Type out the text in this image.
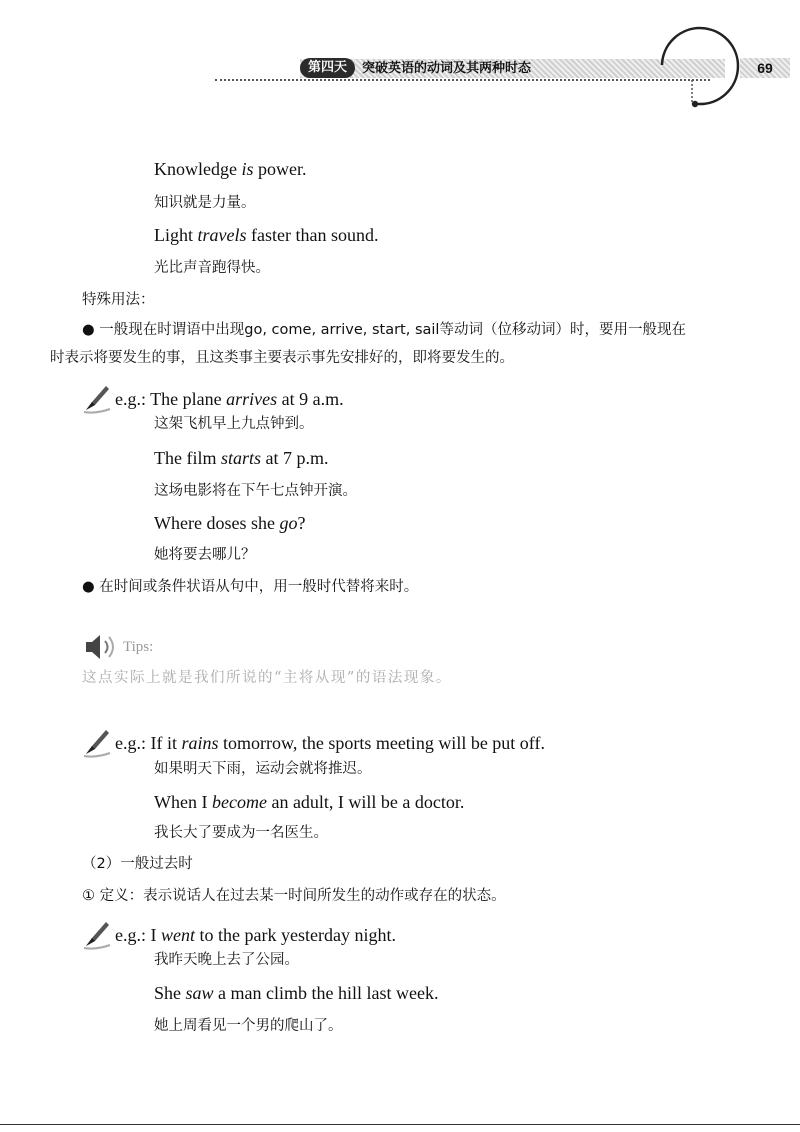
第四天	突破英语的动词及其两种时态	69
Knowledge is power.
知识就是力量。
Light travels faster than sound.
光比声音跑得快。
特殊用法：
● 一般现在时谓语中出现go, come, arrive, start, sail等动词（位移动词）时，要用一般现在
时表示将要发生的事，且这类事主要表示事先安排好的，即将要发生的。
e.g.: The plane arrives at 9 a.m.
这架飞机早上九点钟到。
The film starts at 7 p.m.
这场电影将在下午七点钟开演。
Where doses she go?
她将要去哪儿？
● 在时间或条件状语从句中，用一般时代替将来时。
Tips:
这点实际上就是我们所说的“主将从现”的语法现象。
e.g.: If it rains tomorrow, the sports meeting will be put off.
如果明天下雨，运动会就将推迟。
When I become an adult, I will be a doctor.
我长大了要成为一名医生。
（2）一般过去时
① 定义：表示说话人在过去某一时间所发生的动作或存在的状态。
e.g.: I went to the park yesterday night.
我昨天晚上去了公园。
She saw a man climb the hill last week.
她上周看见一个男的爬山了。
